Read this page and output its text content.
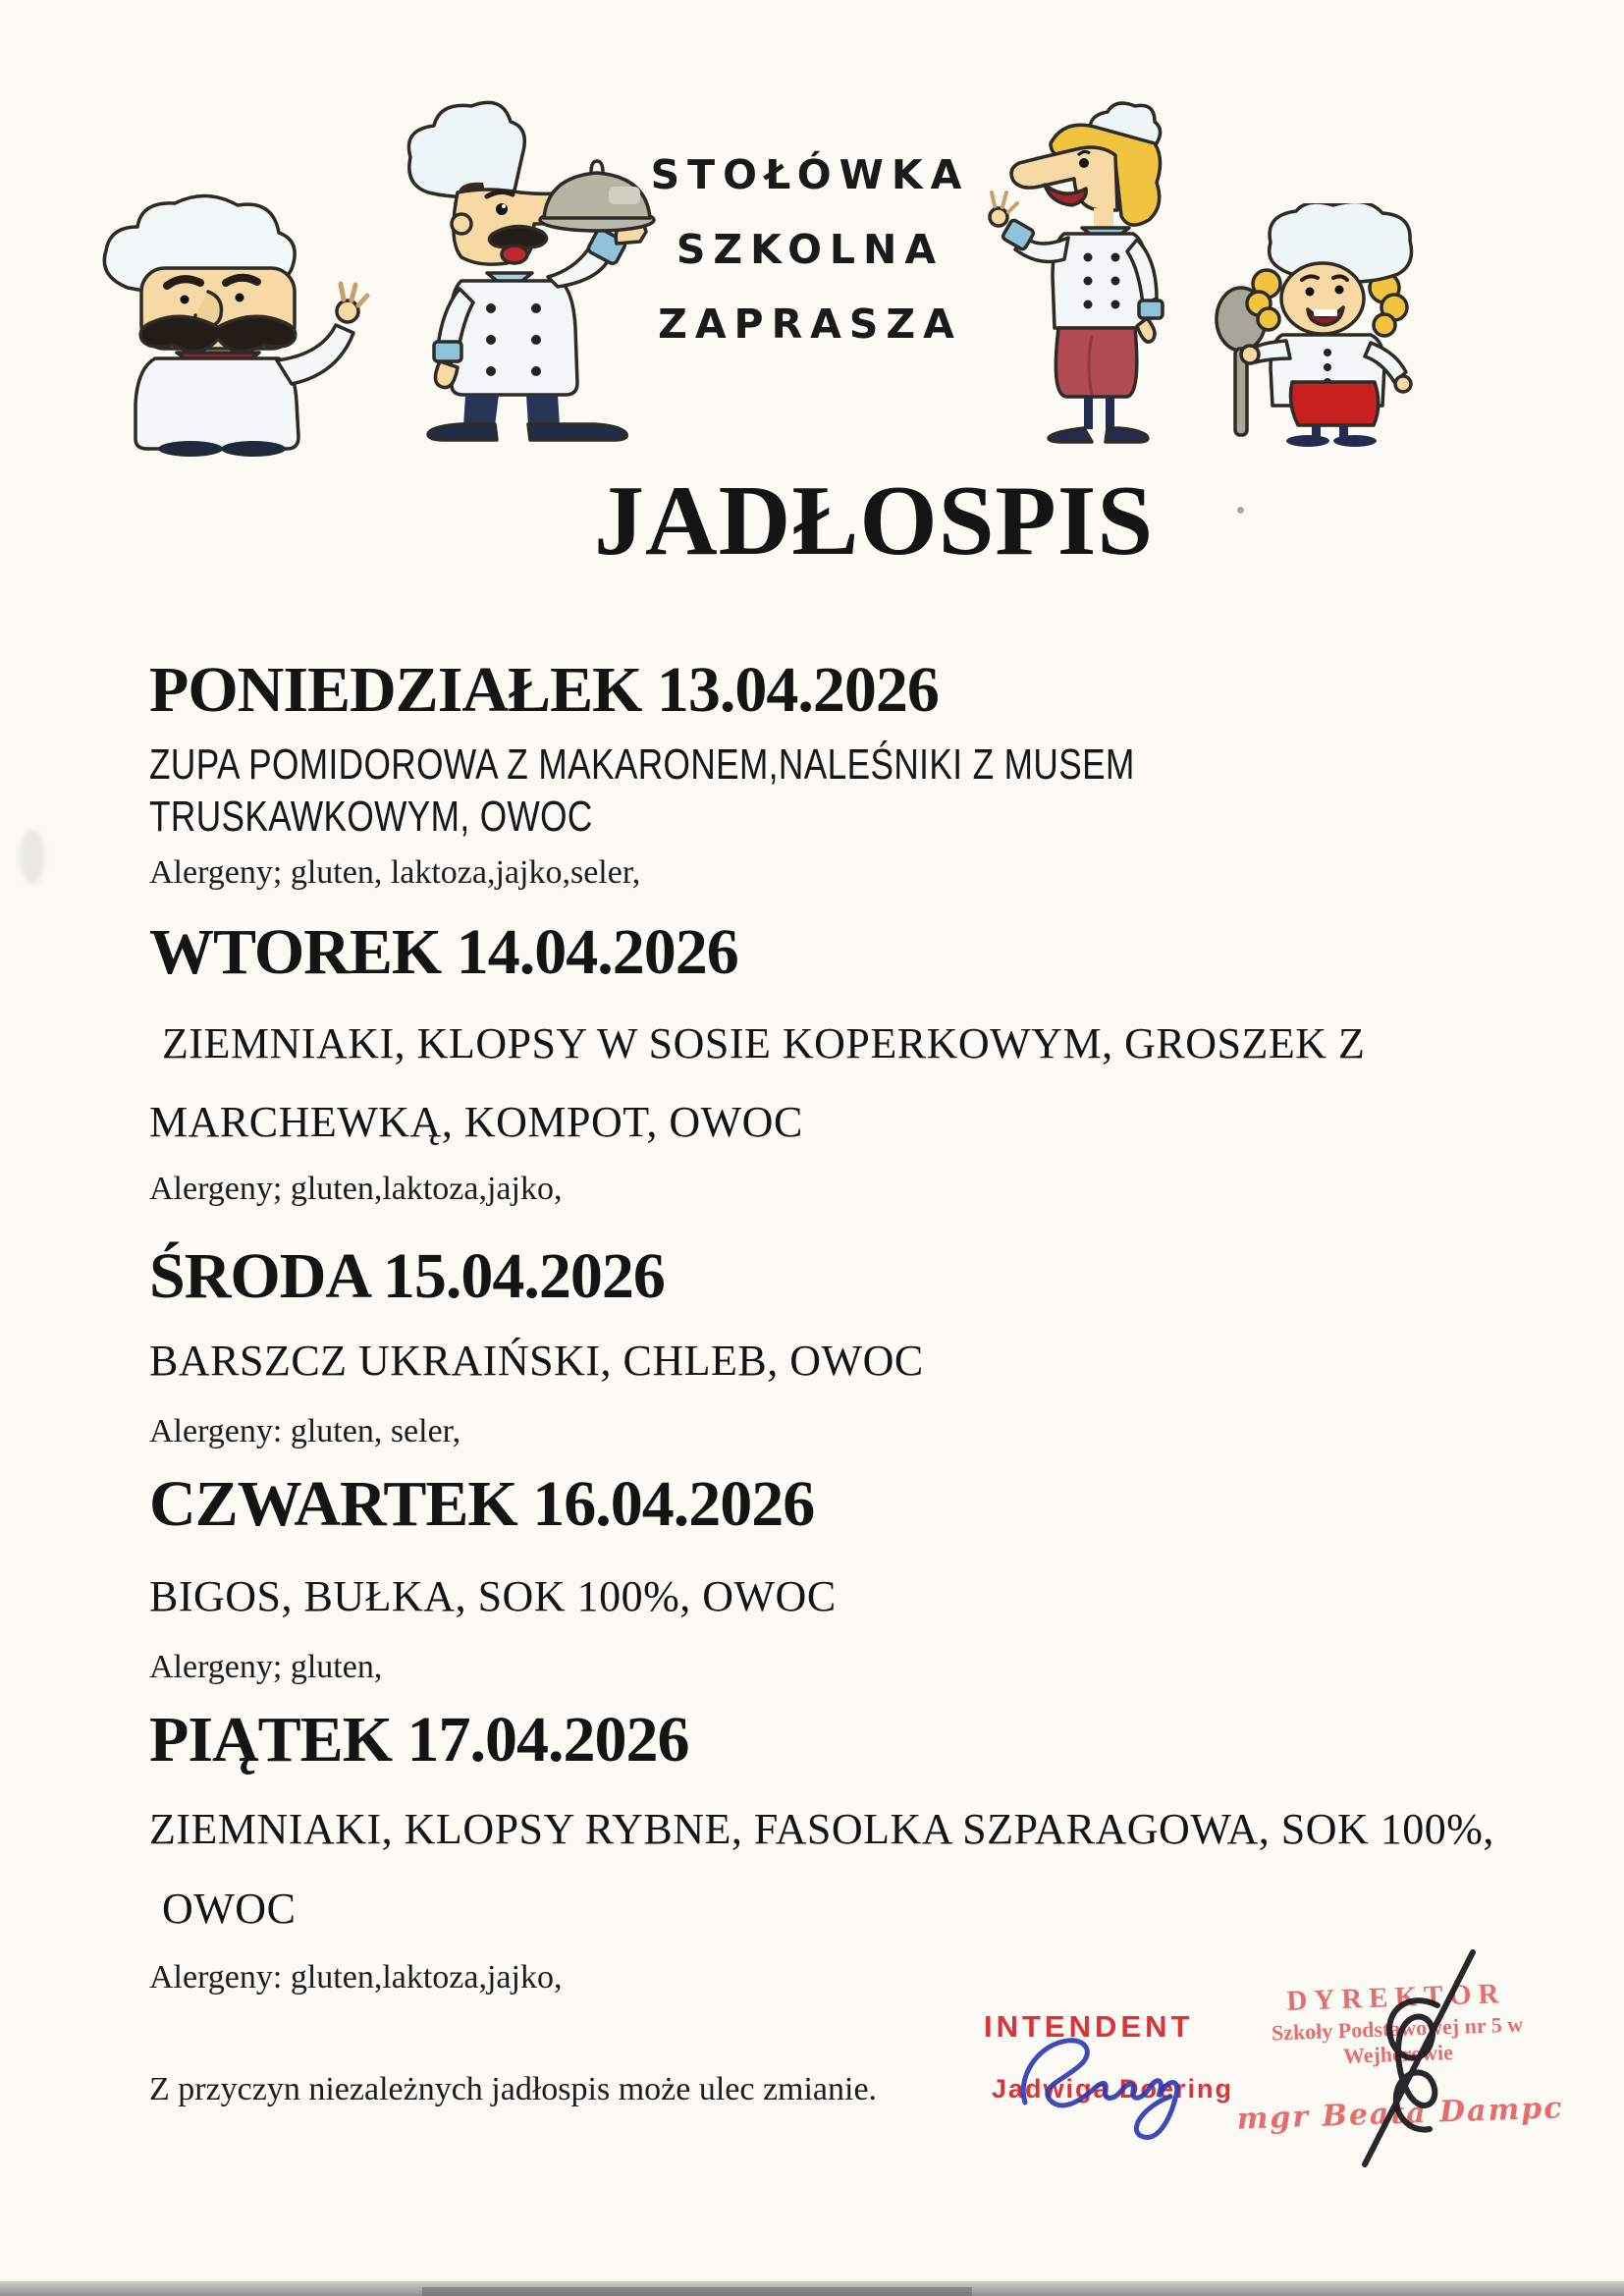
STOŁÓWKA
SZKOLNA
ZAPRASZA
JADŁOSPIS
PONIEDZIAŁEK 13.04.2026
ZUPA POMIDOROWA Z MAKARONEM,NALEŚNIKI Z MUSEM
TRUSKAWKOWYM, OWOC
Alergeny; gluten, laktoza,jajko,seler,
WTOREK 14.04.2026
ZIEMNIAKI, KLOPSY W SOSIE KOPERKOWYM, GROSZEK Z
MARCHEWKĄ, KOMPOT, OWOC
Alergeny; gluten,laktoza,jajko,
ŚRODA 15.04.2026
BARSZCZ UKRAIŃSKI, CHLEB, OWOC
Alergeny: gluten, seler,
CZWARTEK 16.04.2026
BIGOS, BUŁKA, SOK 100%, OWOC
Alergeny; gluten,
PIĄTEK 17.04.2026
ZIEMNIAKI, KLOPSY RYBNE, FASOLKA SZPARAGOWA, SOK 100%,
OWOC
Alergeny: gluten,laktoza,jajko,
Z przyczyn niezależnych jadłospis może ulec zmianie.
INTENDENT
Jadwiga Doering
DYREKTOR
Szkoły Podstawowej nr 5 w Wejherowie
mgr Beata Dampc
